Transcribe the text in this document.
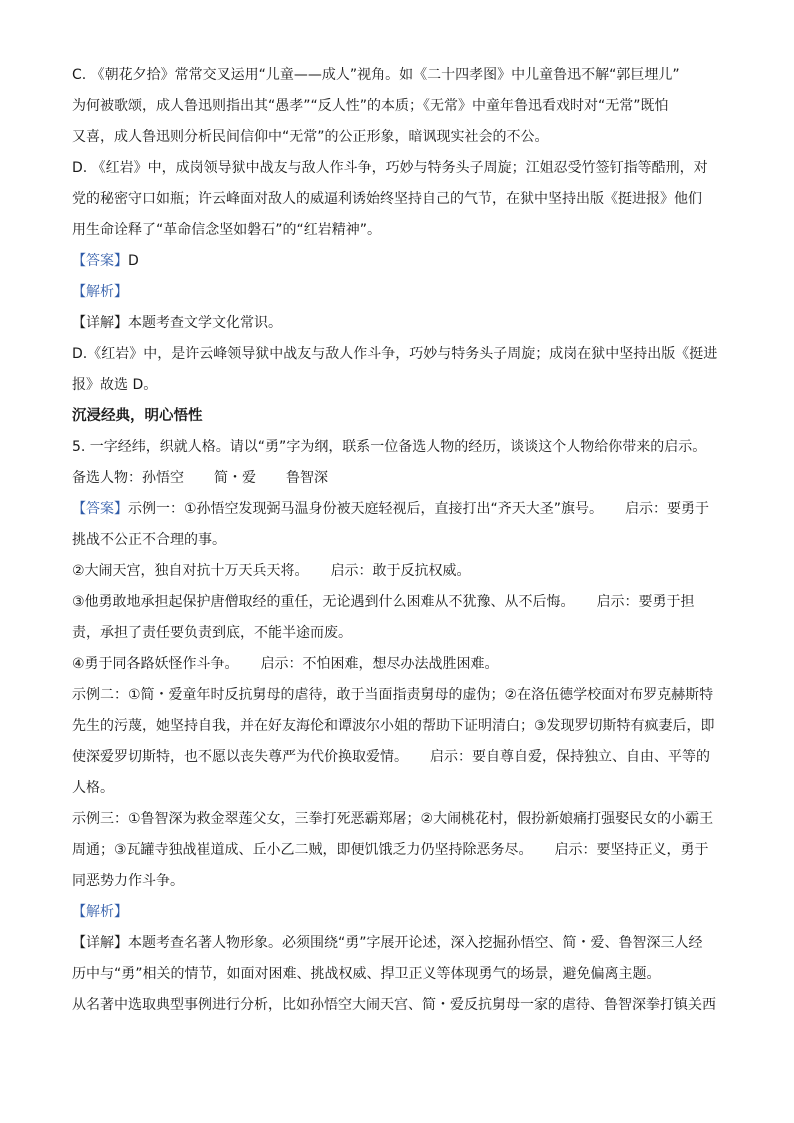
C. 《朝花夕拾》常常交叉运用“儿童——成人”视角。如《二十四孝图》中儿童鲁迅不解“郭巨埋儿”

为何被歌颂，成人鲁迅则指出其“愚孝”“反人性”的本质；《无常》中童年鲁迅看戏时对“无常”既怕

又喜，成人鲁迅则分析民间信仰中“无常”的公正形象，暗讽现实社会的不公。

D. 《红岩》中，成岗领导狱中战友与敌人作斗争，巧妙与特务头子周旋；江姐忍受竹签钉指等酷刑，对

党的秘密守口如瓶；许云峰面对敌人的威逼利诱始终坚持自己的气节，在狱中坚持出版《挺进报》他们

用生命诠释了“革命信念坚如磐石”的“红岩精神”。

【答案】D

【解析】

【详解】本题考查文学文化常识。

D.《红岩》中，是许云峰领导狱中战友与敌人作斗争，巧妙与特务头子周旋；成岗在狱中坚持出版《挺进

报》故选 D。

沉浸经典，明心悟性

5. 一字经纬，织就人格。请以“勇”字为纲，联系一位备选人物的经历，谈谈这个人物给你带来的启示。

备选人物：孙悟空 简・爱 鲁智深

【答案】示例一：①孙悟空发现弼马温身份被天庭轻视后，直接打出“齐天大圣”旗号。 启示：要勇于

挑战不公正不合理的事。

②大闹天宫，独自对抗十万天兵天将。 启示：敢于反抗权威。

③他勇敢地承担起保护唐僧取经的重任，无论遇到什么困难从不犹豫、从不后悔。 启示：要勇于担

责，承担了责任要负责到底，不能半途而废。

④勇于同各路妖怪作斗争。 启示：不怕困难，想尽办法战胜困难。

示例二：①简・爱童年时反抗舅母的虐待，敢于当面指责舅母的虚伪；②在洛伍德学校面对布罗克赫斯特

先生的污蔑，她坚持自我，并在好友海伦和谭波尔小姐的帮助下证明清白；③发现罗切斯特有疯妻后，即

使深爱罗切斯特，也不愿以丧失尊严为代价换取爱情。 启示：要自尊自爱，保持独立、自由、平等的

人格。

示例三：①鲁智深为救金翠莲父女，三拳打死恶霸郑屠；②大闹桃花村，假扮新娘痛打强娶民女的小霸王

周通；③瓦罐寺独战崔道成、丘小乙二贼，即便饥饿乏力仍坚持除恶务尽。 启示：要坚持正义，勇于

同恶势力作斗争。

【解析】

【详解】本题考查名著人物形象。必须围绕“勇”字展开论述，深入挖掘孙悟空、简・爱、鲁智深三人经

历中与“勇”相关的情节，如面对困难、挑战权威、捍卫正义等体现勇气的场景，避免偏离主题。

从名著中选取典型事例进行分析，比如孙悟空大闹天宫、简・爱反抗舅母一家的虐待、鲁智深拳打镇关西
